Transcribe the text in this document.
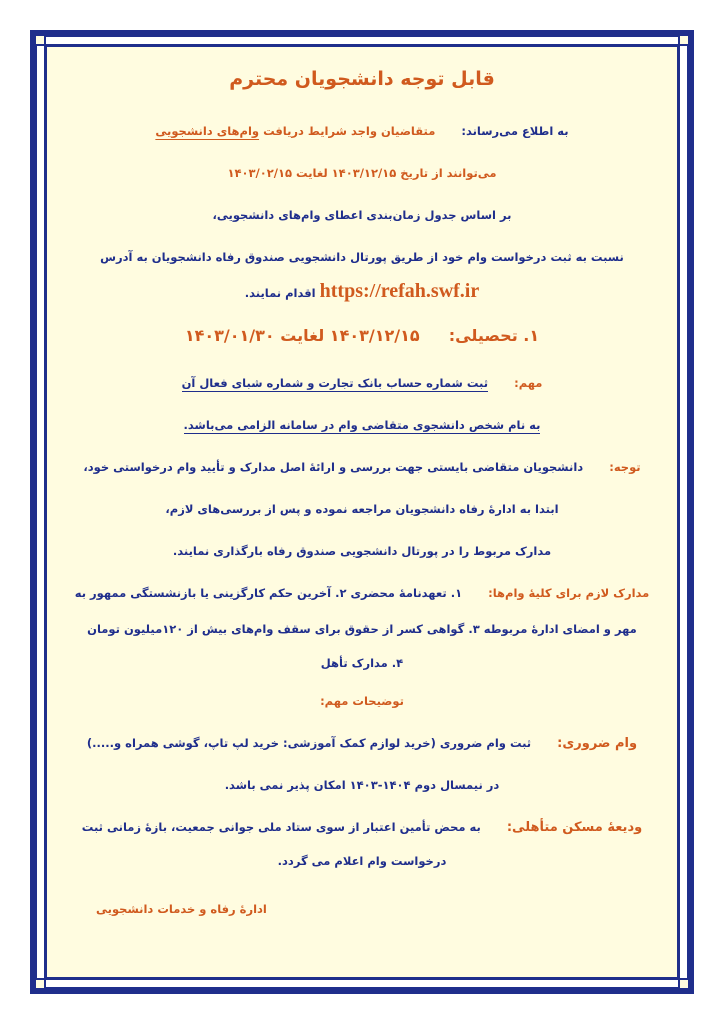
قابل توجه دانشجویان محترم
به اطلاع می‌رساند:  متقاضیان واجد شرایط دریافت وام‌های دانشجویی
می‌توانند از تاریخ ۱۴۰۳/۱۲/۱۵ لغایت ۱۴۰۳/۰۲/۱۵
بر اساس جدول زمان‌بندی اعطای وام‌های دانشجویی،
نسبت به ثبت درخواست وام خود از طریق پورتال دانشجویی صندوق رفاه دانشجویان به آدرس
https://refah.swf.ir اقدام نمایند.
۱. تحصیلی:  ۱۴۰۳/۱۲/۱۵ لغایت ۱۴۰۳/۰۱/۳۰
مهم:  ثبت شماره حساب بانک تجارت و شماره شبای فعال آن
به نام شخص دانشجوی متقاضی وام در سامانه الزامی می‌باشد.
توجه:  دانشجویان متقاضی بایستی جهت بررسی و ارائهٔ اصل مدارک و تأیید وام درخواستی خود،
ابتدا به ادارهٔ رفاه دانشجویان مراجعه نموده و پس از بررسی‌های لازم،
مدارک مربوط را در پورتال دانشجویی صندوق رفاه بارگذاری نمایند.
مدارک لازم برای کلیهٔ وام‌ها:  ۱. تعهدنامهٔ محضری ۲. آخرین حکم کارگزینی یا بازنشستگی ممهور به
مهر و امضای ادارهٔ مربوطه ۳. گواهی کسر از حقوق برای سقف وام‌های بیش از ۱۲۰میلیون تومان
۴. مدارک تأهل
توضیحات مهم:
وام ضروری:  ثبت وام ضروری (خرید لوازم کمک آموزشی: خرید لپ تاپ، گوشی همراه و.....)
در نیمسال دوم ۱۴۰۴-۱۴۰۳ امکان پذیر نمی باشد.
ودیعهٔ مسکن متأهلی:  به محض تأمین اعتبار از سوی ستاد ملی جوانی جمعیت، بازهٔ زمانی ثبت
درخواست وام اعلام می گردد.
ادارهٔ رفاه و خدمات دانشجویی
